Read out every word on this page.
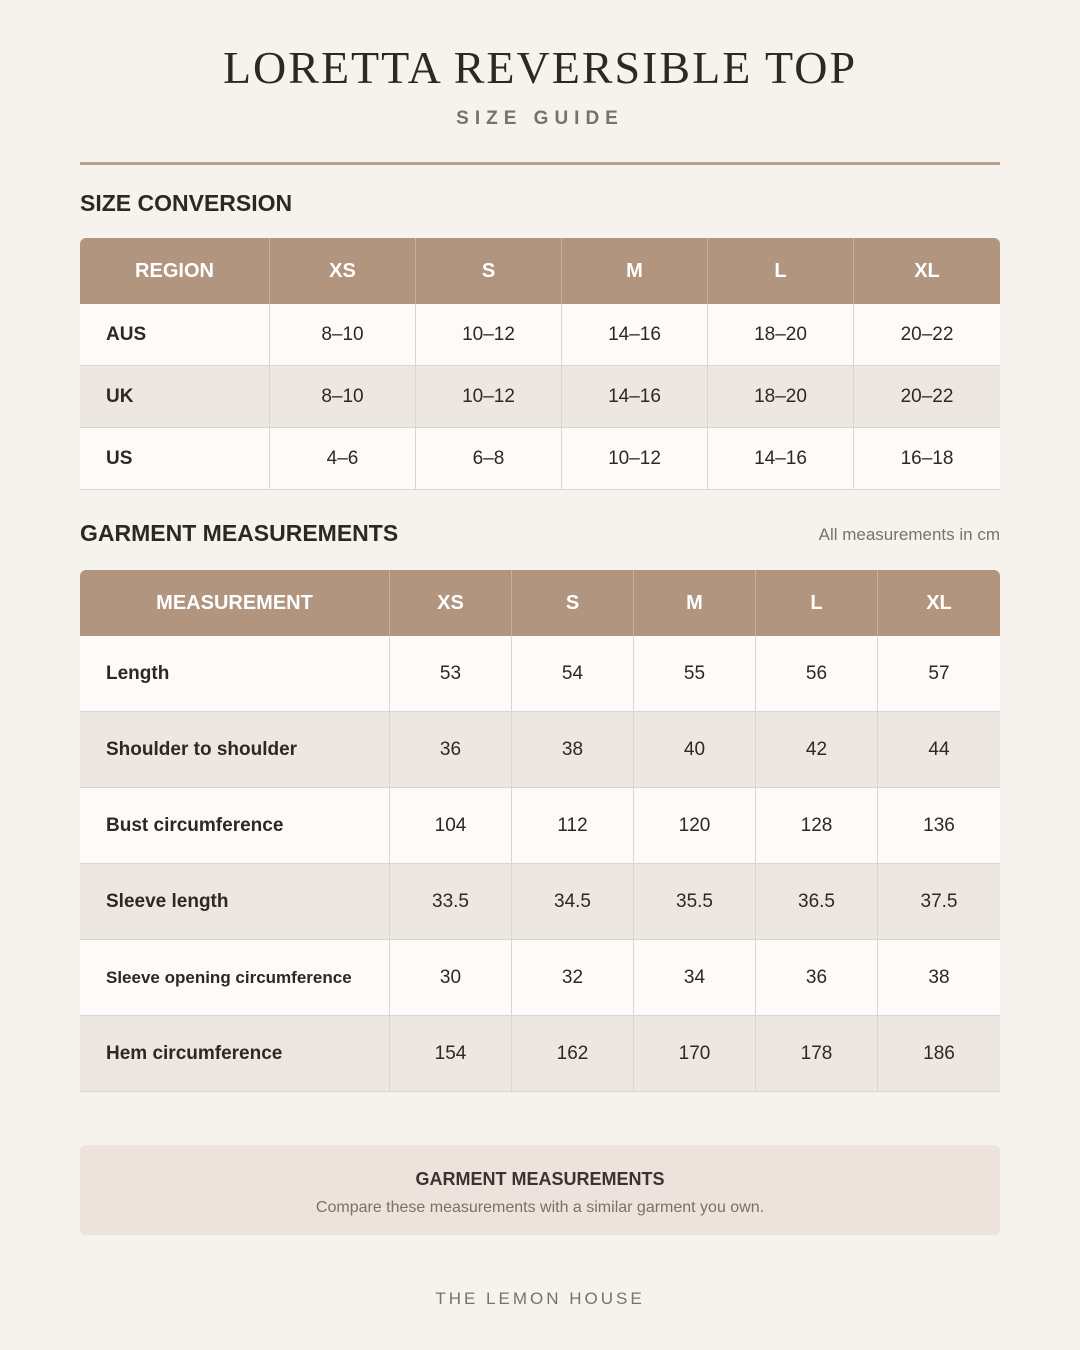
LORETTA REVERSIBLE TOP
SIZE GUIDE
SIZE CONVERSION
REGION	XS	S	M	L	XL
AUS	8–10	10–12	14–16	18–20	20–22
UK	8–10	10–12	14–16	18–20	20–22
US	4–6	6–8	10–12	14–16	16–18
GARMENT MEASUREMENTS	All measurements in cm
MEASUREMENT	XS	S	M	L	XL
Length	53	54	55	56	57
Shoulder to shoulder	36	38	40	42	44
Bust circumference	104	112	120	128	136
Sleeve length	33.5	34.5	35.5	36.5	37.5
Sleeve opening circumference	30	32	34	36	38
Hem circumference	154	162	170	178	186
GARMENT MEASUREMENTS
Compare these measurements with a similar garment you own.
THE LEMON HOUSE
